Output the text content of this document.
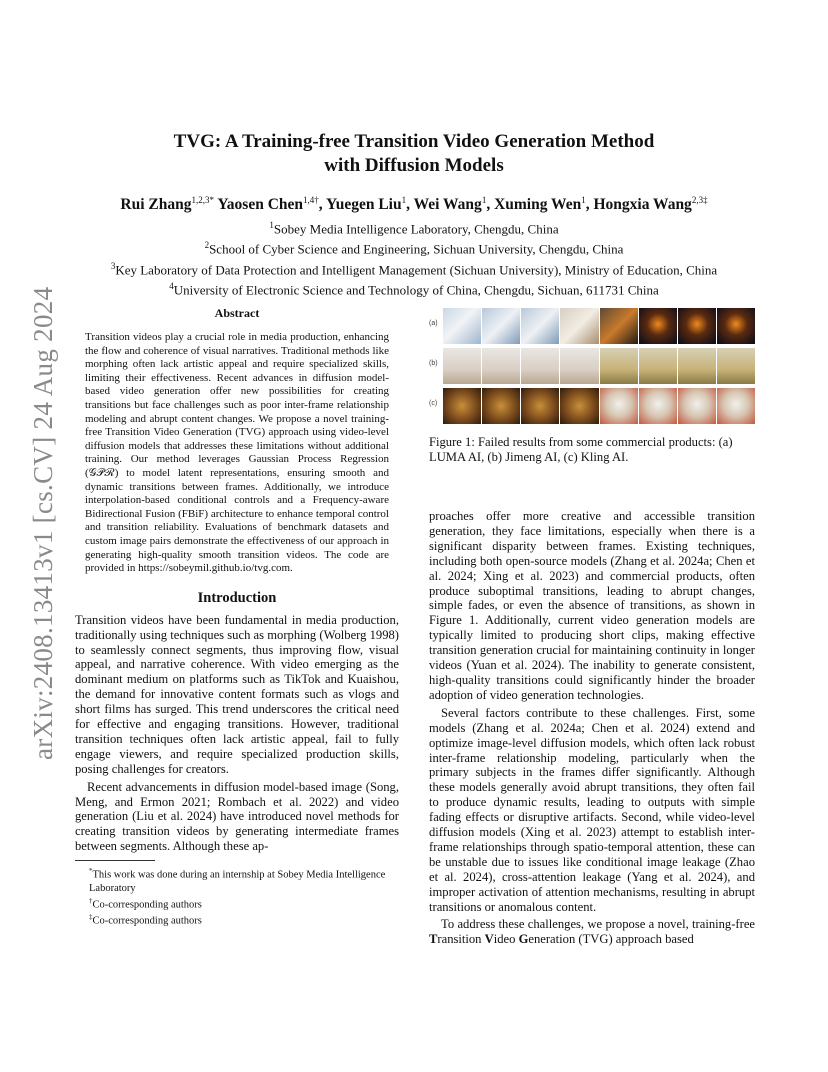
arXiv:2408.13413v1 [cs.CV] 24 Aug 2024
TVG: A Training-free Transition Video Generation Method
with Diffusion Models
Rui Zhang$^{1,2,3*}$ Yaosen Chen$^{1,4\dagger}$, Yuegen Liu$^1$, Wei Wang$^1$, Xuming Wen$^1$, Hongxia Wang$^{2,3\ddagger}$
$^1$Sobey Media Intelligence Laboratory, Chengdu, China
$^2$School of Cyber Science and Engineering, Sichuan University, Chengdu, China
$^3$Key Laboratory of Data Protection and Intelligent Management (Sichuan University), Ministry of Education, China
$^4$University of Electronic Science and Technology of China, Chengdu, Sichuan, 611731 China
Abstract

Transition videos play a crucial role in media production, enhancing the flow and coherence of visual narratives. Traditional methods like morphing often lack artistic appeal and require specialized skills, limiting their effectiveness. Recent advances in diffusion model-based video generation offer new possibilities for creating transitions but face challenges such as poor inter-frame relationship modeling and abrupt content changes. We propose a novel training-free Transition Video Generation (TVG) approach using video-level diffusion models that addresses these limitations without additional training. Our method leverages Gaussian Process Regression (𝒢𝒫ℛ) to model latent representations, ensuring smooth and dynamic transitions between frames. Additionally, we introduce interpolation-based conditional controls and a Frequency-aware Bidirectional Fusion (FBiF) architecture to enhance temporal control and transition reliability. Evaluations of benchmark datasets and custom image pairs demonstrate the effectiveness of our approach in generating high-quality smooth transition videos. The code are provided in https://sobeymil.github.io/tvg.com.

Introduction

Transition videos have been fundamental in media production, traditionally using techniques such as morphing (Wolberg 1998) to seamlessly connect segments, thus improving flow, visual appeal, and narrative coherence. With video emerging as the dominant medium on platforms such as TikTok and Kuaishou, the demand for innovative content formats such as vlogs and short films has surged. This trend underscores the critical need for effective and engaging transitions. However, traditional transition techniques often lack artistic appeal, fail to fully engage viewers, and require specialized production skills, posing challenges for creators.

Recent advancements in diffusion model-based image (Song, Meng, and Ermon 2021; Rombach et al. 2022) and video generation (Liu et al. 2024) have introduced novel methods for creating transition videos by generating intermediate frames between segments. Although these ap-

*This work was done during an internship at Sobey Media Intelligence Laboratory

†Co-corresponding authors

‡Co-corresponding authors

(a)
(b)
(c)

Figure 1: Failed results from some commercial products: (a) LUMA AI, (b) Jimeng AI, (c) Kling AI.

proaches offer more creative and accessible transition generation, they face limitations, especially when there is a significant disparity between frames. Existing techniques, including both open-source models (Zhang et al. 2024a; Chen et al. 2024; Xing et al. 2023) and commercial products, often produce suboptimal transitions, leading to abrupt changes, simple fades, or even the absence of transitions, as shown in Figure 1. Additionally, current video generation models are typically limited to producing short clips, making effective transition generation crucial for maintaining continuity in longer videos (Yuan et al. 2024). The inability to generate consistent, high-quality transitions could significantly hinder the broader adoption of video generation technologies.

Several factors contribute to these challenges. First, some models (Zhang et al. 2024a; Chen et al. 2024) extend and optimize image-level diffusion models, which often lack robust inter-frame relationship modeling, particularly when the primary subjects in the frames differ significantly. Although these models generally avoid abrupt transitions, they often fail to produce dynamic results, leading to outputs with simple fading effects or disruptive artifacts. Second, while video-level diffusion models (Xing et al. 2023) attempt to establish inter-frame relationships through spatio-temporal attention, these can be unstable due to issues like conditional image leakage (Zhao et al. 2024), cross-attention leakage (Yang et al. 2024), and improper activation of attention mechanisms, resulting in abrupt transitions or anomalous content.

To address these challenges, we propose a novel, training-free Transition Video Generation (TVG) approach based
